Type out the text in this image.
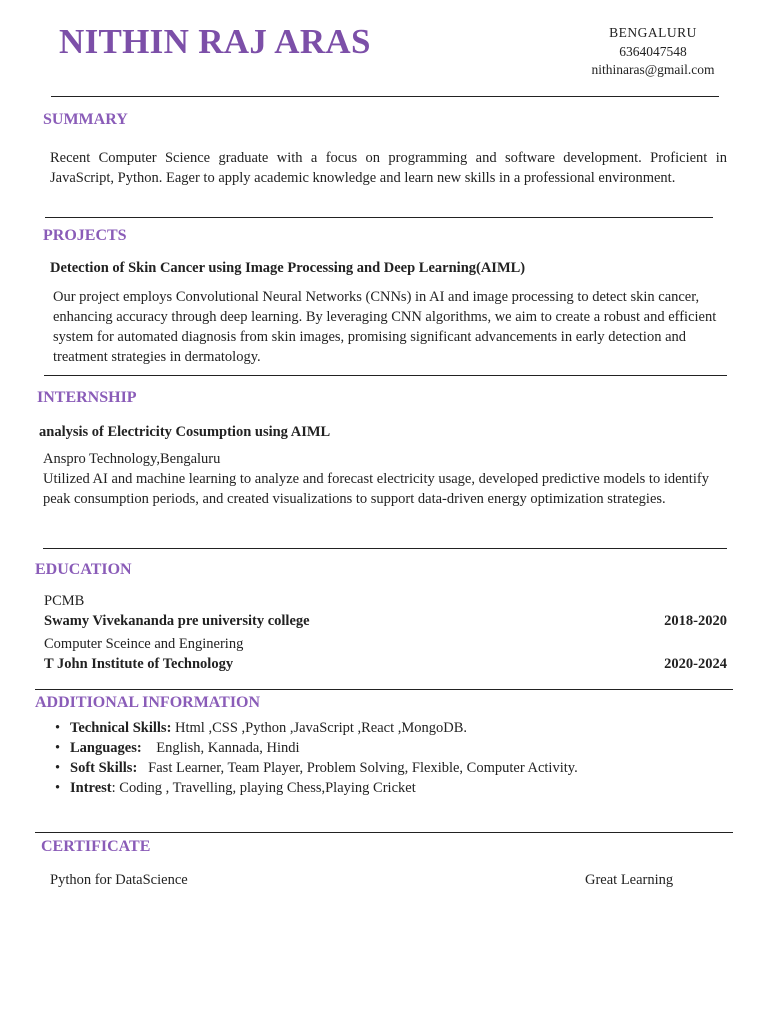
NITHIN RAJ ARAS	BENGALURU
6364047548
nithinaras@gmail.com
SUMMARY
Recent Computer Science graduate with a focus on programming and software development. Proficient in JavaScript, Python. Eager to apply academic knowledge and learn new skills in a professional environment.
PROJECTS
Detection of Skin Cancer using Image Processing and Deep Learning(AIML)
Our project employs Convolutional Neural Networks (CNNs) in AI and image processing to detect skin cancer, enhancing accuracy through deep learning. By leveraging CNN algorithms, we aim to create a robust and efficient system for automated diagnosis from skin images, promising significant advancements in early detection and treatment strategies in dermatology.
INTERNSHIP
analysis of Electricity Cosumption using AIML
Anspro Technology,Bengaluru
Utilized AI and machine learning to analyze and forecast electricity usage, developed predictive models to identify peak consumption periods, and created visualizations to support data-driven energy optimization strategies.
EDUCATION
PCMB
Swamy Vivekananda pre university college	2018-2020
Computer Sceince and Enginering
T John Institute of Technology	2020-2024
ADDITIONAL INFORMATION
• Technical Skills: Html ,CSS ,Python ,JavaScript ,React ,MongoDB.
• Languages: English, Kannada, Hindi
• Soft Skills: Fast Learner, Team Player, Problem Solving, Flexible, Computer Activity.
• Intrest: Coding , Travelling, playing Chess,Playing Cricket
CERTIFICATE
Python for DataScience	Great Learning
